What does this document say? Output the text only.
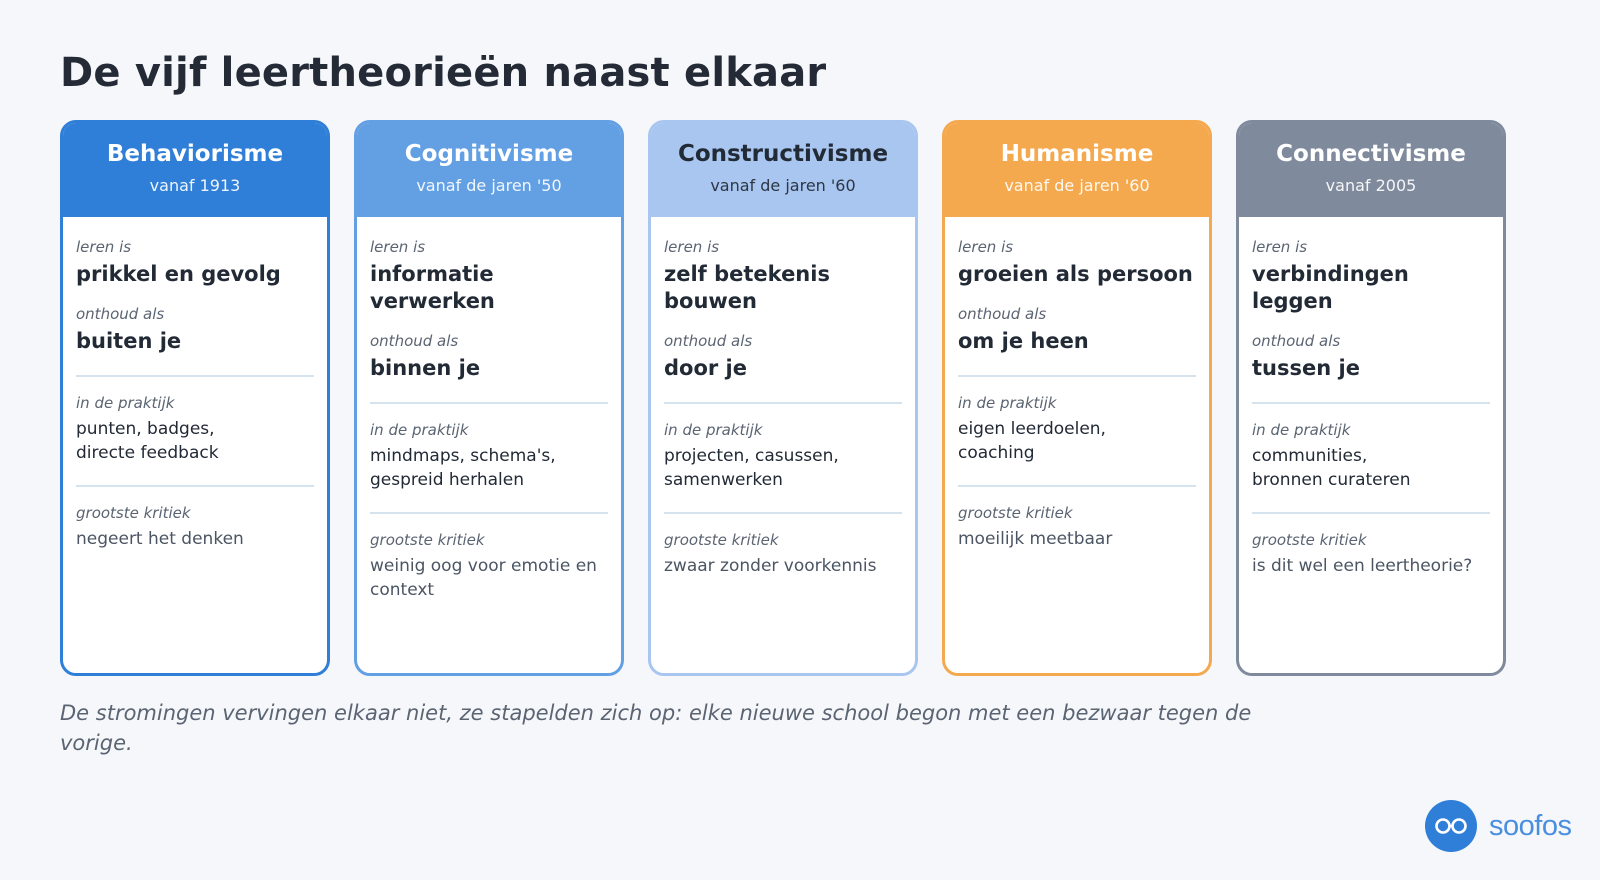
De vijf leertheorieën naast elkaar
Behaviorisme
vanaf 1913
leren is
prikkel en gevolg
onthoud als
buiten je
in de praktijk
punten, badges,
directe feedback
grootste kritiek
negeert het denken
Cognitivisme
vanaf de jaren '50
leren is
informatie verwerken
onthoud als
binnen je
in de praktijk
mindmaps, schema's,
gespreid herhalen
grootste kritiek
weinig oog voor emotie en
context
Constructivisme
vanaf de jaren '60
leren is
zelf betekenis bouwen
onthoud als
door je
in de praktijk
projecten, casussen,
samenwerken
grootste kritiek
zwaar zonder voorkennis
Humanisme
vanaf de jaren '60
leren is
groeien als persoon
onthoud als
om je heen
in de praktijk
eigen leerdoelen,
coaching
grootste kritiek
moeilijk meetbaar
Connectivisme
vanaf 2005
leren is
verbindingen leggen
onthoud als
tussen je
in de praktijk
communities,
bronnen curateren
grootste kritiek
is dit wel een leertheorie?
De stromingen vervingen elkaar niet, ze stapelden zich op: elke nieuwe school begon met een bezwaar tegen de vorige.
soofos
